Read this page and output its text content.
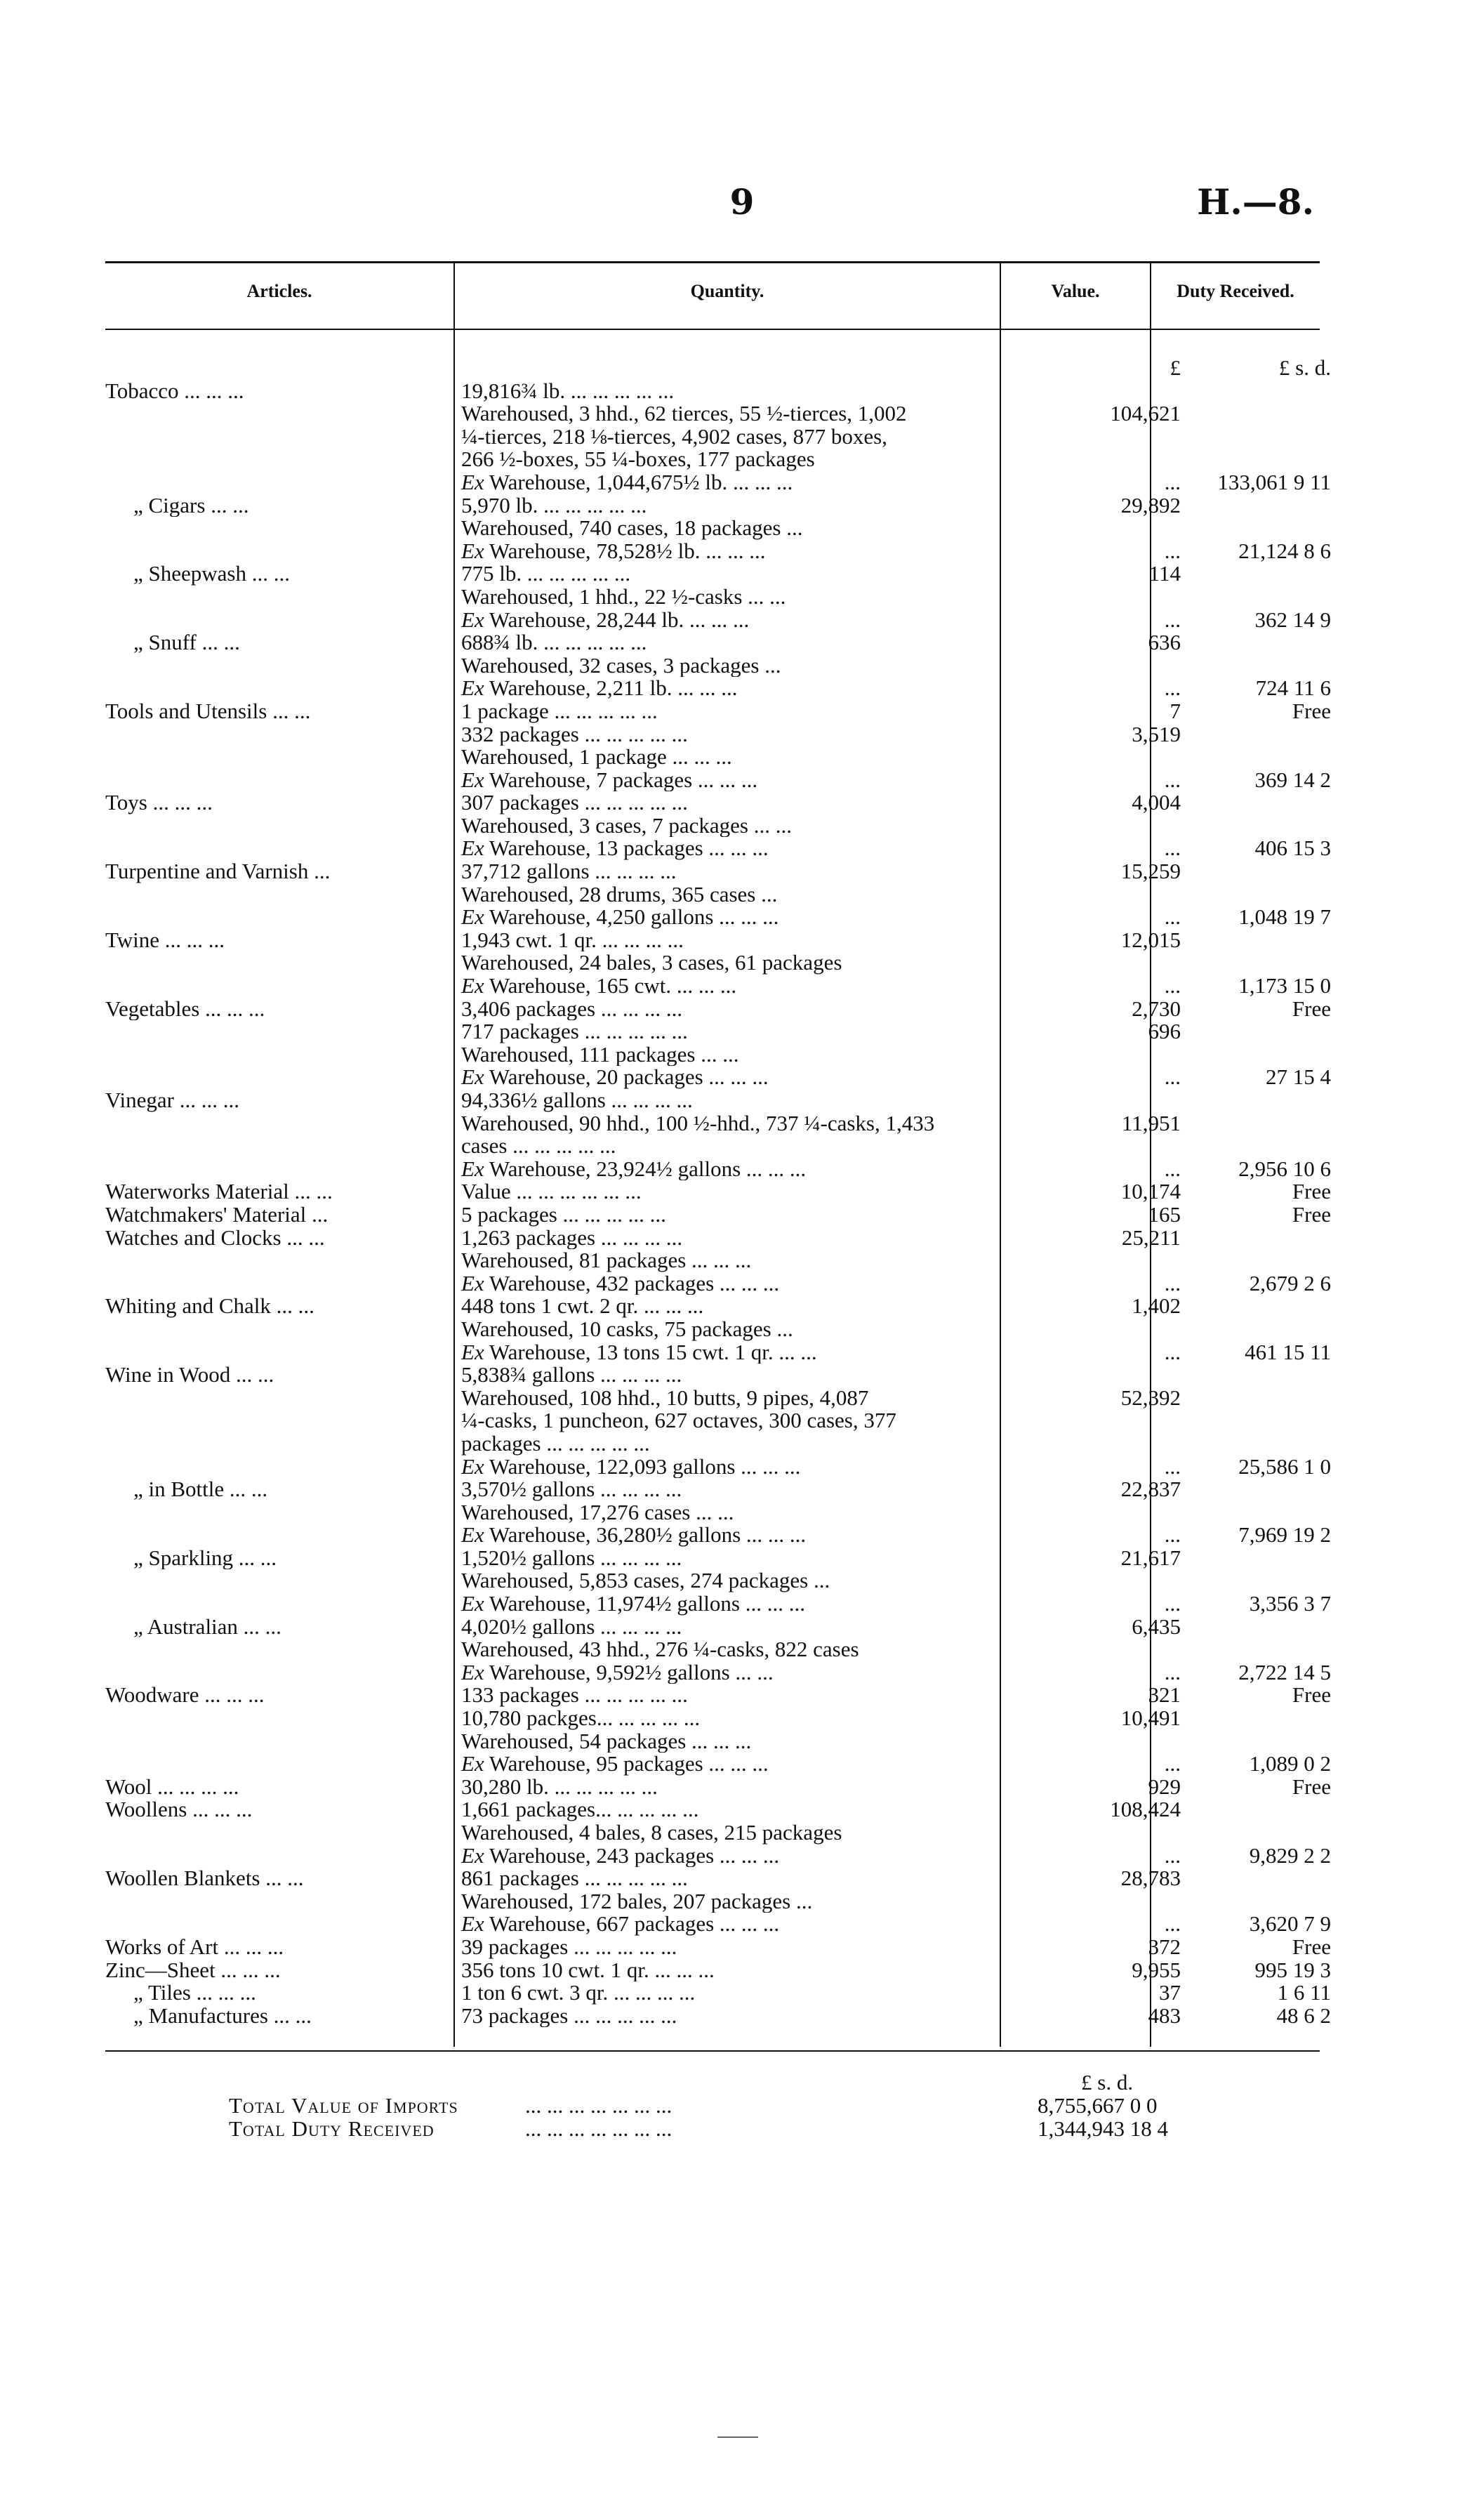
9	H.—8.
Articles.	Quantity.	Value.	Duty Received.
		£	£ s. d.
Tobacco ... ... ...	19,816¾ lb. ... ... ... ... ...		
	Warehoused, 3 hhd., 62 tierces, 55 ½-tierces, 1,002	104,621	
	¼-tierces, 218 ⅛-tierces, 4,902 cases, 877 boxes,		
	266 ½-boxes, 55 ¼-boxes, 177 packages		
	Ex Warehouse, 1,044,675½ lb. ... ... ...	...	133,061 9 11
„ Cigars ... ...	5,970 lb. ... ... ... ... ...	29,892	
	Warehoused, 740 cases, 18 packages ...		
	Ex Warehouse, 78,528½ lb. ... ... ...	...	21,124 8 6
„ Sheepwash ... ...	775 lb. ... ... ... ... ...	114	
	Warehoused, 1 hhd., 22 ½-casks ... ...		
	Ex Warehouse, 28,244 lb. ... ... ...	...	362 14 9
„ Snuff ... ...	688¾ lb. ... ... ... ... ...	636	
	Warehoused, 32 cases, 3 packages ...		
	Ex Warehouse, 2,211 lb. ... ... ...	...	724 11 6
Tools and Utensils ... ...	1 package ... ... ... ... ...	7	Free
	332 packages ... ... ... ... ...	3,519	
	Warehoused, 1 package ... ... ...		
	Ex Warehouse, 7 packages ... ... ...	...	369 14 2
Toys ... ... ...	307 packages ... ... ... ... ...	4,004	
	Warehoused, 3 cases, 7 packages ... ...		
	Ex Warehouse, 13 packages ... ... ...	...	406 15 3
Turpentine and Varnish ...	37,712 gallons ... ... ... ...	15,259	
	Warehoused, 28 drums, 365 cases ...		
	Ex Warehouse, 4,250 gallons ... ... ...	...	1,048 19 7
Twine ... ... ...	1,943 cwt. 1 qr. ... ... ... ...	12,015	
	Warehoused, 24 bales, 3 cases, 61 packages		
	Ex Warehouse, 165 cwt. ... ... ...	...	1,173 15 0
Vegetables ... ... ...	3,406 packages ... ... ... ...	2,730	Free
	717 packages ... ... ... ... ...	696	
	Warehoused, 111 packages ... ...		
	Ex Warehouse, 20 packages ... ... ...	...	27 15 4
Vinegar ... ... ...	94,336½ gallons ... ... ... ...		
	Warehoused, 90 hhd., 100 ½-hhd., 737 ¼-casks, 1,433	11,951	
	cases ... ... ... ... ...		
	Ex Warehouse, 23,924½ gallons ... ... ...	...	2,956 10 6
Waterworks Material ... ...	Value ... ... ... ... ... ...	10,174	Free
Watchmakers' Material ...	5 packages ... ... ... ... ...	165	Free
Watches and Clocks ... ...	1,263 packages ... ... ... ...	25,211	
	Warehoused, 81 packages ... ... ...		
	Ex Warehouse, 432 packages ... ... ...	...	2,679 2 6
Whiting and Chalk ... ...	448 tons 1 cwt. 2 qr. ... ... ...	1,402	
	Warehoused, 10 casks, 75 packages ...		
	Ex Warehouse, 13 tons 15 cwt. 1 qr. ... ...	...	461 15 11
Wine in Wood ... ...	5,838¾ gallons ... ... ... ...		
	Warehoused, 108 hhd., 10 butts, 9 pipes, 4,087	52,392	
	¼-casks, 1 puncheon, 627 octaves, 300 cases, 377		
	packages ... ... ... ... ...		
	Ex Warehouse, 122,093 gallons ... ... ...	...	25,586 1 0
„ in Bottle ... ...	3,570½ gallons ... ... ... ...	22,837	
	Warehoused, 17,276 cases ... ...		
	Ex Warehouse, 36,280½ gallons ... ... ...	...	7,969 19 2
„ Sparkling ... ...	1,520½ gallons ... ... ... ...	21,617	
	Warehoused, 5,853 cases, 274 packages ...		
	Ex Warehouse, 11,974½ gallons ... ... ...	...	3,356 3 7
„ Australian ... ...	4,020½ gallons ... ... ... ...	6,435	
	Warehoused, 43 hhd., 276 ¼-casks, 822 cases		
	Ex Warehouse, 9,592½ gallons ... ...	...	2,722 14 5
Woodware ... ... ...	133 packages ... ... ... ... ...	321	Free
	10,780 packges... ... ... ... ...	10,491	
	Warehoused, 54 packages ... ... ...		
	Ex Warehouse, 95 packages ... ... ...	...	1,089 0 2
Wool ... ... ... ...	30,280 lb. ... ... ... ... ...	929	Free
Woollens ... ... ...	1,661 packages... ... ... ... ...	108,424	
	Warehoused, 4 bales, 8 cases, 215 packages		
	Ex Warehouse, 243 packages ... ... ...	...	9,829 2 2
Woollen Blankets ... ...	861 packages ... ... ... ... ...	28,783	
	Warehoused, 172 bales, 207 packages ...		
	Ex Warehouse, 667 packages ... ... ...	...	3,620 7 9
Works of Art ... ... ...	39 packages ... ... ... ... ...	372	Free
Zinc—Sheet ... ... ...	356 tons 10 cwt. 1 qr. ... ... ...	9,955	995 19 3
„ Tiles ... ... ...	1 ton 6 cwt. 3 qr. ... ... ... ...	37	1 6 11
„ Manufactures ... ...	73 packages ... ... ... ... ...	483	48 6 2
£ s. d.
Total Value of Imports	... ... ... ... ... ... ...	8,755,667 0 0
Total Duty Received	... ... ... ... ... ... ...	1,344,943 18 4
